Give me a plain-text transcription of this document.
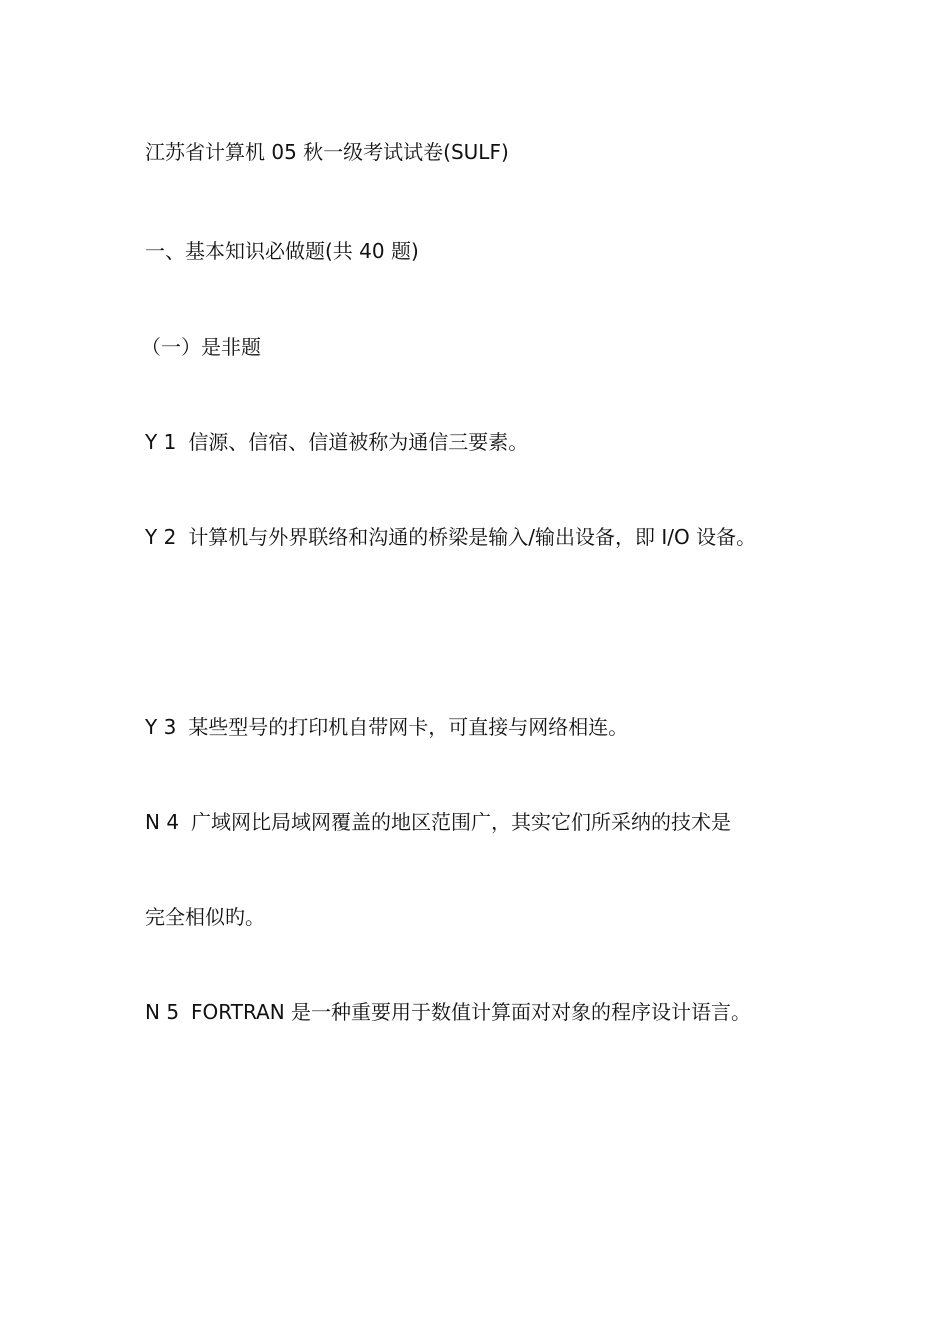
江苏省计算机 05 秋一级考试试卷(SULF)
一、基本知识必做题(共 40 题)
（一）是非题
Y 1 信源、信宿、信道被称为通信三要素。
Y 2 计算机与外界联络和沟通的桥梁是输入/输出设备，即 I/O 设备。
Y 3 某些型号的打印机自带网卡，可直接与网络相连。
N 4 广域网比局域网覆盖的地区范围广，其实它们所采纳的技术是
完全相似旳。
N 5 FORTRAN 是一种重要用于数值计算面对对象的程序设计语言。
